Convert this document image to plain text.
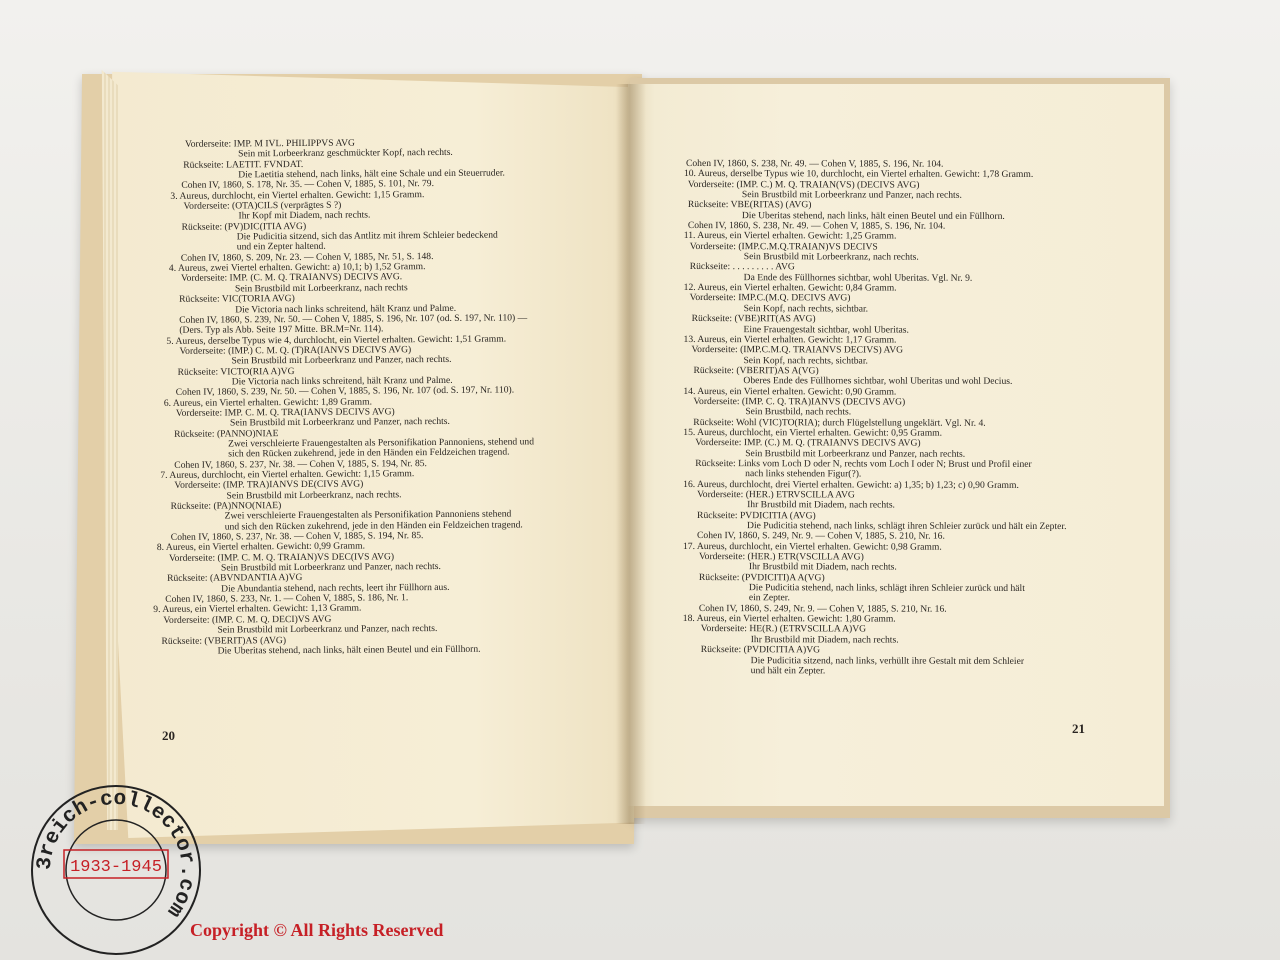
Vorderseite: IMP. M IVL. PHILIPPVS AVG
Sein mit Lorbeerkranz geschmückter Kopf, nach rechts.
Rückseite: LAETIT. FVNDAT.
Die Laetitia stehend, nach links, hält eine Schale und ein Steuerruder.
Cohen IV, 1860, S. 178, Nr. 35. — Cohen V, 1885, S. 101, Nr. 79.
3. Aureus, durchlocht, ein Viertel erhalten. Gewicht: 1,15 Gramm.
Vorderseite: (OTA)CILS (verprägtes S ?)
Ihr Kopf mit Diadem, nach rechts.
Rückseite: (PV)DIC(ITIA AVG)
Die Pudicitia sitzend, sich das Antlitz mit ihrem Schleier bedeckend
und ein Zepter haltend.
Cohen IV, 1860, S. 209, Nr. 23. — Cohen V, 1885, Nr. 51, S. 148.
4. Aureus, zwei Viertel erhalten. Gewicht: a) 10,1; b) 1,52 Gramm.
Vorderseite: IMP. (C. M. Q. TRAIANVS) DECIVS AVG.
Sein Brustbild mit Lorbeerkranz, nach rechts
Rückseite: VIC(TORIA AVG)
Die Victoria nach links schreitend, hält Kranz und Palme.
Cohen IV, 1860, S. 239, Nr. 50. — Cohen V, 1885, S. 196, Nr. 107 (od. S. 197, Nr. 110) —
(Ders. Typ als Abb. Seite 197 Mitte. BR.M=Nr. 114).
5. Aureus, derselbe Typus wie 4, durchlocht, ein Viertel erhalten. Gewicht: 1,51 Gramm.
Vorderseite: (IMP.) C. M. Q. (T)RA(IANVS DECIVS AVG)
Sein Brustbild mit Lorbeerkranz und Panzer, nach rechts.
Rückseite: VICTO(RIA A)VG
Die Victoria nach links schreitend, hält Kranz und Palme.
Cohen IV, 1860, S. 239, Nr. 50. — Cohen V, 1885, S. 196, Nr. 107 (od. S. 197, Nr. 110).
6. Aureus, ein Viertel erhalten. Gewicht: 1,89 Gramm.
Vorderseite: IMP. C. M. Q. TRA(IANVS DECIVS AVG)
Sein Brustbild mit Lorbeerkranz und Panzer, nach rechts.
Rückseite: (PANNO)NIAE
Zwei verschleierte Frauengestalten als Personifikation Pannoniens, stehend und
sich den Rücken zukehrend, jede in den Händen ein Feldzeichen tragend.
Cohen IV, 1860, S. 237, Nr. 38. — Cohen V, 1885, S. 194, Nr. 85.
7. Aureus, durchlocht, ein Viertel erhalten. Gewicht: 1,15 Gramm.
Vorderseite: (IMP. TRA)IANVS DE(CIVS AVG)
Sein Brustbild mit Lorbeerkranz, nach rechts.
Rückseite: (PA)NNO(NIAE)
Zwei verschleierte Frauengestalten als Personifikation Pannoniens stehend
und sich den Rücken zukehrend, jede in den Händen ein Feldzeichen tragend.
Cohen IV, 1860, S. 237, Nr. 38. — Cohen V, 1885, S. 194, Nr. 85.
8. Aureus, ein Viertel erhalten. Gewicht: 0,99 Gramm.
Vorderseite: (IMP. C. M. Q. TRAIAN)VS DEC(IVS AVG)
Sein Brustbild mit Lorbeerkranz und Panzer, nach rechts.
Rückseite: (ABVNDANTIA A)VG
Die Abundantia stehend, nach rechts, leert ihr Füllhorn aus.
Cohen IV, 1860, S. 233, Nr. 1. — Cohen V, 1885, S. 186, Nr. 1.
9. Aureus, ein Viertel erhalten. Gewicht: 1,13 Gramm.
Vorderseite: (IMP. C. M. Q. DECI)VS AVG
Sein Brustbild mit Lorbeerkranz und Panzer, nach rechts.
Rückseite: (VBERIT)AS (AVG)
Die Uberitas stehend, nach links, hält einen Beutel und ein Füllhorn.
Cohen IV, 1860, S. 238, Nr. 49. — Cohen V, 1885, S. 196, Nr. 104.
10. Aureus, derselbe Typus wie 10, durchlocht, ein Viertel erhalten. Gewicht: 1,78 Gramm.
Vorderseite: (IMP. C.) M. Q. TRAIAN(VS) (DECIVS AVG)
Sein Brustbild mit Lorbeerkranz und Panzer, nach rechts.
Rückseite: VBE(RITAS) (AVG)
Die Uberitas stehend, nach links, hält einen Beutel und ein Füllhorn.
Cohen IV, 1860, S. 238, Nr. 49. — Cohen V, 1885, S. 196, Nr. 104.
11. Aureus, ein Viertel erhalten. Gewicht: 1,25 Gramm.
Vorderseite: (IMP.C.M.Q.TRAIAN)VS DECIVS
Sein Brustbild mit Lorbeerkranz, nach rechts.
Rückseite: . . . . . . . . . AVG
Da Ende des Füllhornes sichtbar, wohl Uberitas. Vgl. Nr. 9.
12. Aureus, ein Viertel erhalten. Gewicht: 0,84 Gramm.
Vorderseite: IMP.C.(M.Q. DECIVS AVG)
Sein Kopf, nach rechts, sichtbar.
Rückseite: (VBE)RIT(AS AVG)
Eine Frauengestalt sichtbar, wohl Uberitas.
13. Aureus, ein Viertel erhalten. Gewicht: 1,17 Gramm.
Vorderseite: (IMP.C.M.Q. TRAIANVS DECIVS) AVG
Sein Kopf, nach rechts, sichtbar.
Rückseite: (VBERIT)AS A(VG)
Oberes Ende des Füllhornes sichtbar, wohl Uberitas und wohl Decius.
14. Aureus, ein Viertel erhalten. Gewicht: 0,90 Gramm.
Vorderseite: (IMP. C. Q. TRA)IANVS (DECIVS AVG)
Sein Brustbild, nach rechts.
Rückseite: Wohl (VIC)TO(RIA); durch Flügelstellung ungeklärt. Vgl. Nr. 4.
15. Aureus, durchlocht, ein Viertel erhalten. Gewicht: 0,95 Gramm.
Vorderseite: IMP. (C.) M. Q. (TRAIANVS DECIVS AVG)
Sein Brustbild mit Lorbeerkranz und Panzer, nach rechts.
Rückseite: Links vom Loch D oder N, rechts vom Loch I oder N; Brust und Profil einer
nach links stehenden Figur(?).
16. Aureus, durchlocht, drei Viertel erhalten. Gewicht: a) 1,35; b) 1,23; c) 0,90 Gramm.
Vorderseite: (HER.) ETRVSCILLA AVG
Ihr Brustbild mit Diadem, nach rechts.
Rückseite: PVDICITIA (AVG)
Die Pudicitia stehend, nach links, schlägt ihren Schleier zurück und hält ein Zepter.
Cohen IV, 1860, S. 249, Nr. 9. — Cohen V, 1885, S. 210, Nr. 16.
17. Aureus, durchlocht, ein Viertel erhalten. Gewicht: 0,98 Gramm.
Vorderseite: (HER.) ETR(VSCILLA AVG)
Ihr Brustbild mit Diadem, nach rechts.
Rückseite: (PVDICITI)A A(VG)
Die Pudicitia stehend, nach links, schlägt ihren Schleier zurück und hält
ein Zepter.
Cohen IV, 1860, S. 249, Nr. 9. — Cohen V, 1885, S. 210, Nr. 16.
18. Aureus, ein Viertel erhalten. Gewicht: 1,80 Gramm.
Vorderseite: HE(R.) (ETRVSCILLA A)VG
Ihr Brustbild mit Diadem, nach rechts.
Rückseite: (PVDICITIA A)VG
Die Pudicitia sitzend, nach links, verhüllt ihre Gestalt mit dem Schleier
und hält ein Zepter.
20	21
3reich-collector.com
1933-1945
Copyright © All Rights Reserved
